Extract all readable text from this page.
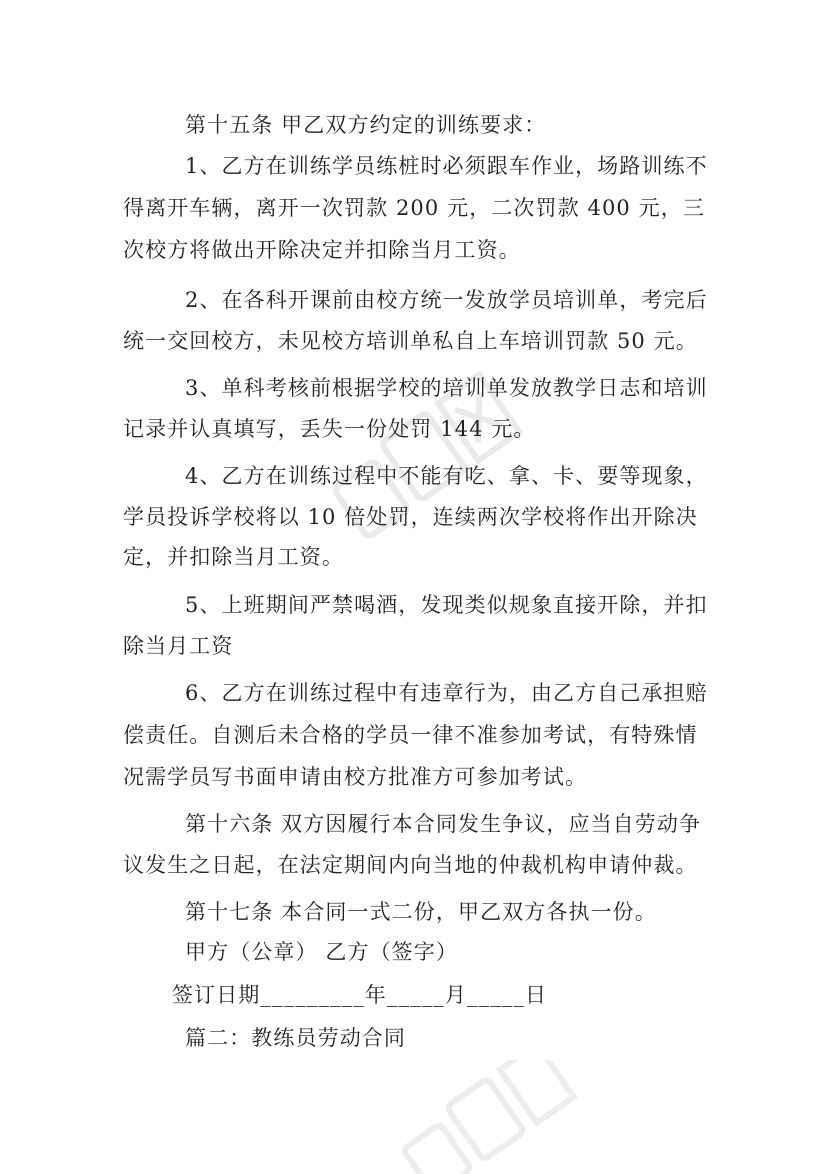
第十五条 甲乙双方约定的训练要求：
1、乙方在训练学员练桩时必须跟车作业，场路训练不
得离开车辆，离开一次罚款 200 元，二次罚款 400 元，三
次校方将做出开除决定并扣除当月工资。
2、在各科开课前由校方统一发放学员培训单，考完后
统一交回校方，未见校方培训单私自上车培训罚款 50 元。
3、单科考核前根据学校的培训单发放教学日志和培训
记录并认真填写，丢失一份处罚 144 元。
4、乙方在训练过程中不能有吃、拿、卡、要等现象，
学员投诉学校将以 10 倍处罚，连续两次学校将作出开除决
定，并扣除当月工资。
5、上班期间严禁喝酒，发现类似规象直接开除，并扣
除当月工资
6、乙方在训练过程中有违章行为，由乙方自己承担赔
偿责任。自测后未合格的学员一律不准参加考试，有特殊情
况需学员写书面申请由校方批准方可参加考试。
第十六条 双方因履行本合同发生争议，应当自劳动争
议发生之日起，在法定期间内向当地的仲裁机构申请仲裁。
第十七条 本合同一式二份，甲乙双方各执一份。
甲方（公章） 乙方（签字）
签订日期_________年_____月_____日
篇二：教练员劳动合同
